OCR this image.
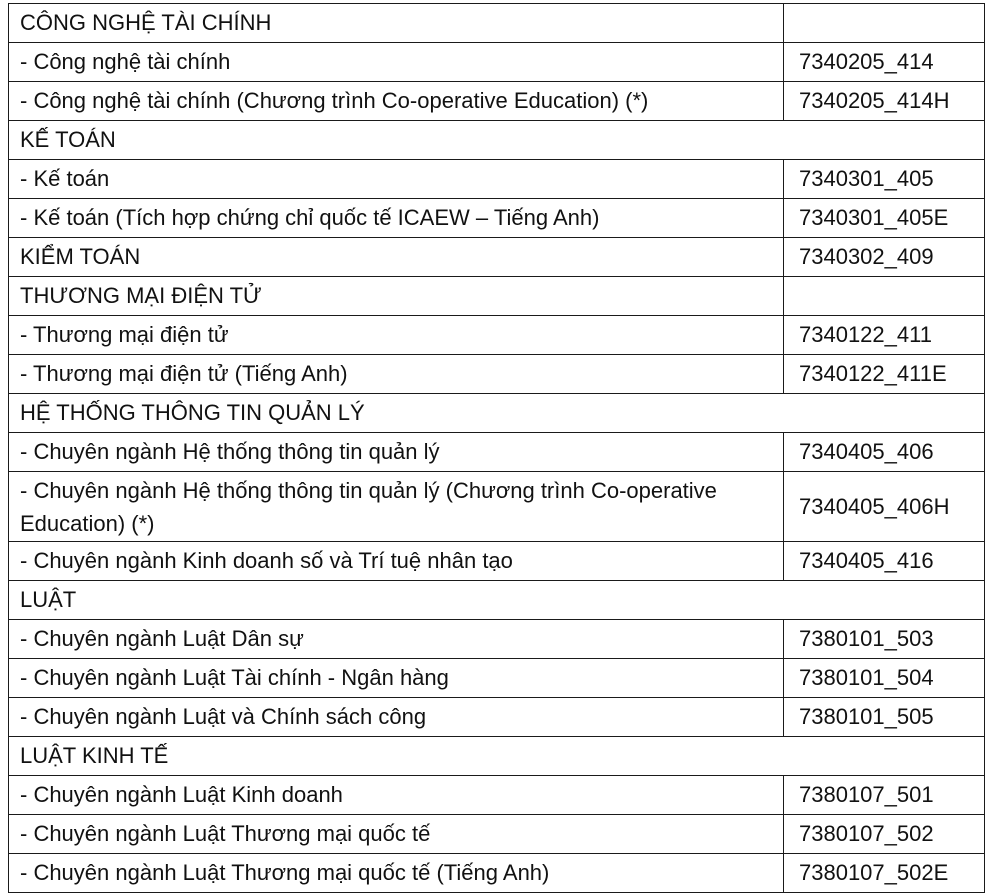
CÔNG NGHỆ TÀI CHÍNH	
- Công nghệ tài chính	7340205_414
- Công nghệ tài chính (Chương trình Co-operative Education) (*)	7340205_414H
KẾ TOÁN	
- Kế toán	7340301_405
- Kế toán (Tích hợp chứng chỉ quốc tế ICAEW – Tiếng Anh)	7340301_405E
KIỂM TOÁN	7340302_409
THƯƠNG MẠI ĐIỆN TỬ	
- Thương mại điện tử	7340122_411
- Thương mại điện tử (Tiếng Anh)	7340122_411E
HỆ THỐNG THÔNG TIN QUẢN LÝ	
- Chuyên ngành Hệ thống thông tin quản lý	7340405_406
- Chuyên ngành Hệ thống thông tin quản lý (Chương trình Co-operative Education) (*)	7340405_406H
- Chuyên ngành Kinh doanh số và Trí tuệ nhân tạo	7340405_416
LUẬT	
- Chuyên ngành Luật Dân sự	7380101_503
- Chuyên ngành Luật Tài chính - Ngân hàng	7380101_504
- Chuyên ngành Luật và Chính sách công	7380101_505
LUẬT KINH TẾ	
- Chuyên ngành Luật Kinh doanh	7380107_501
- Chuyên ngành Luật Thương mại quốc tế	7380107_502
- Chuyên ngành Luật Thương mại quốc tế (Tiếng Anh)	7380107_502E
